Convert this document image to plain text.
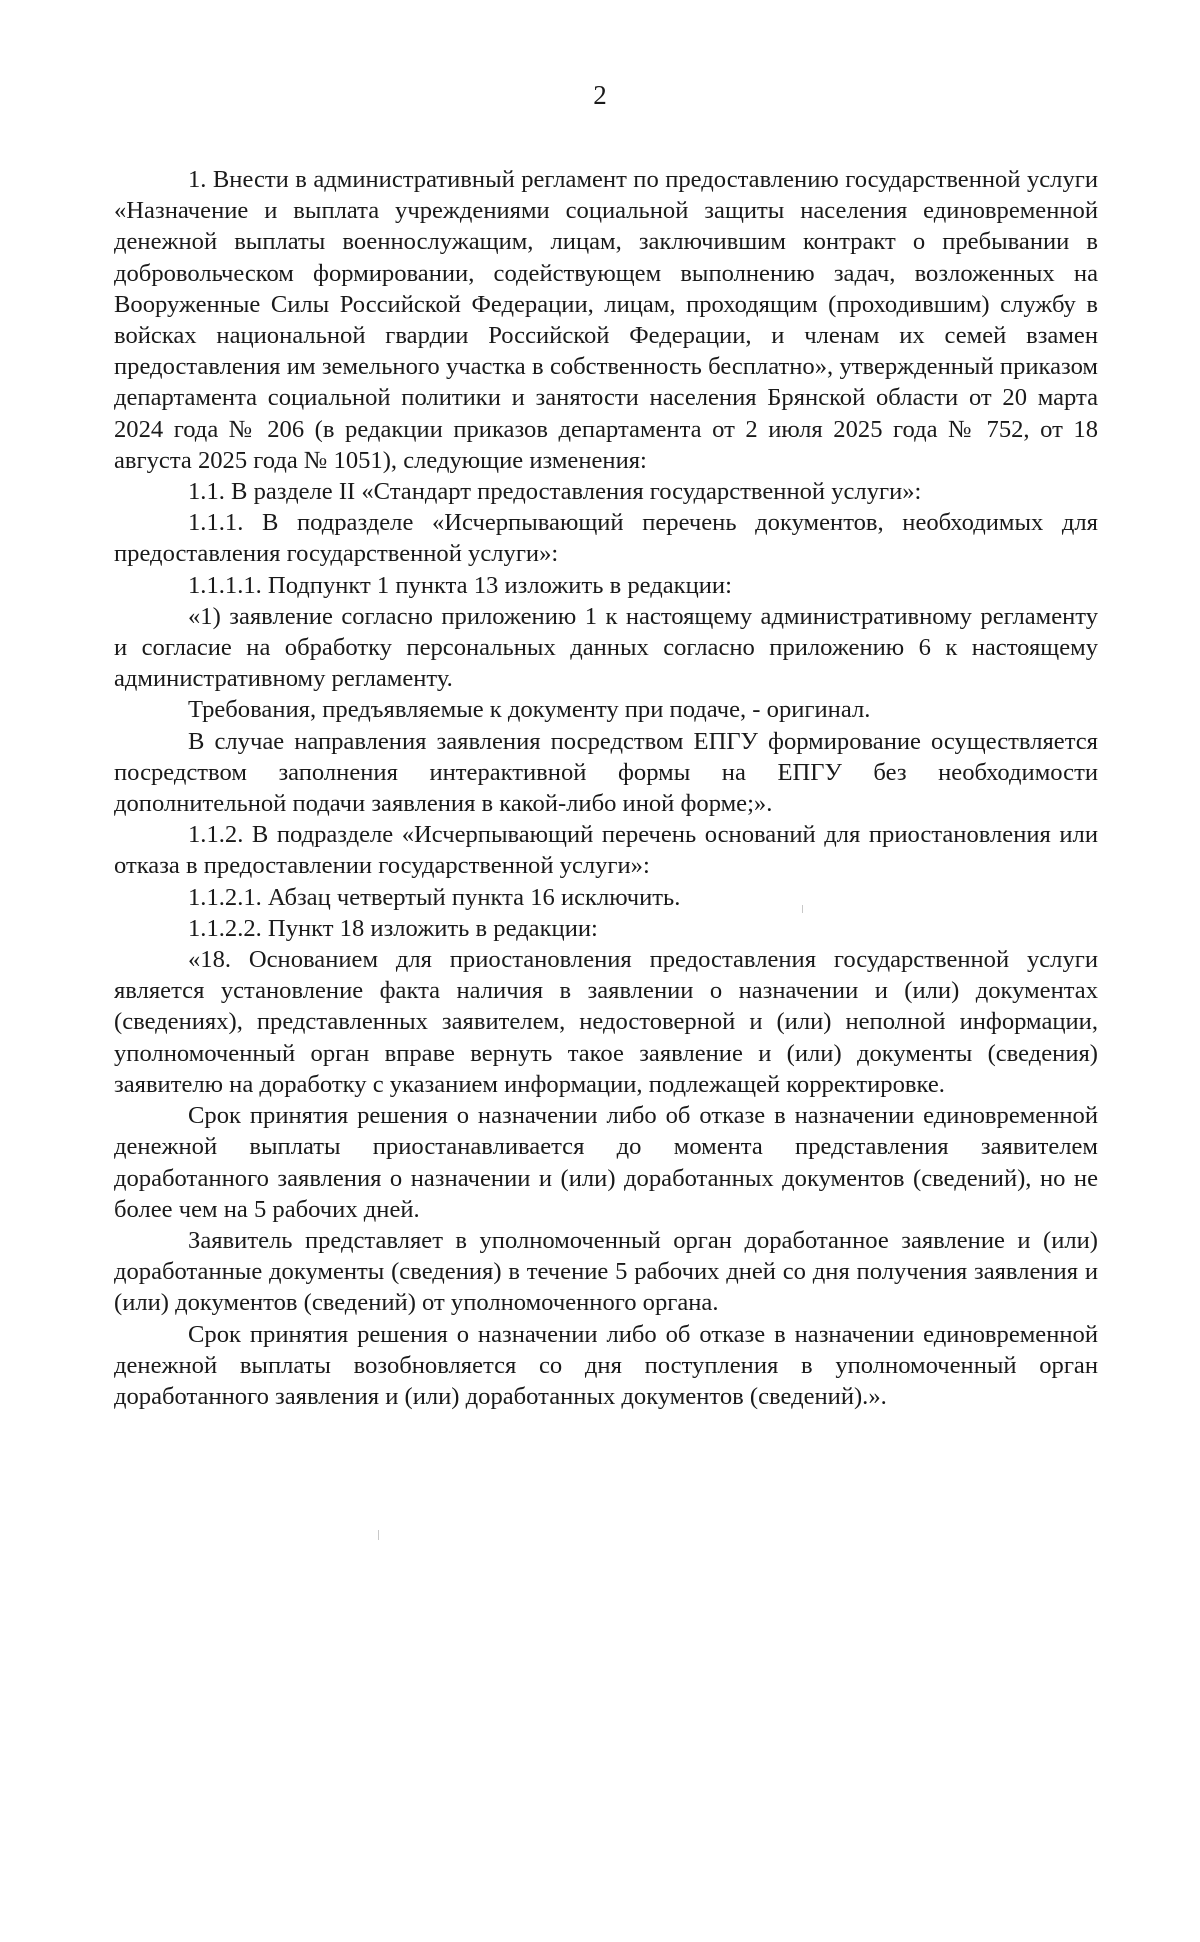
2

1. Внести в административный регламент по предоставлению государственной услуги «Назначение и выплата учреждениями социальной защиты населения единовременной денежной выплаты военнослужащим, лицам, заключившим контракт о пребывании в добровольческом формировании, содействующем выполнению задач, возложенных на Вооруженные Силы Российской Федерации, лицам, проходящим (проходившим) службу в войсках национальной гвардии Российской Федерации, и членам их семей взамен предоставления им земельного участка в собственность бесплатно», утвержденный приказом департамента социальной политики и занятости населения Брянской области от 20 марта 2024 года № 206 (в редакции приказов департамента от 2 июля 2025 года № 752, от 18 августа 2025 года № 1051), следующие изменения:

1.1. В разделе II «Стандарт предоставления государственной услуги»:

1.1.1. В подразделе «Исчерпывающий перечень документов, необходимых для предоставления государственной услуги»:

1.1.1.1. Подпункт 1 пункта 13 изложить в редакции:

«1) заявление согласно приложению 1 к настоящему административному регламенту и согласие на обработку персональных данных согласно приложению 6 к настоящему административному регламенту.

Требования, предъявляемые к документу при подаче, - оригинал.

В случае направления заявления посредством ЕПГУ формирование осуществляется посредством заполнения интерактивной формы на ЕПГУ без необходимости дополнительной подачи заявления в какой-либо иной форме;».

1.1.2. В подразделе «Исчерпывающий перечень оснований для приостановления или отказа в предоставлении государственной услуги»:

1.1.2.1. Абзац четвертый пункта 16 исключить.

1.1.2.2. Пункт 18 изложить в редакции:

«18. Основанием для приостановления предоставления государственной услуги является установление факта наличия в заявлении о назначении и (или) документах (сведениях), представленных заявителем, недостоверной и (или) неполной информации, уполномоченный орган вправе вернуть такое заявление и (или) документы (сведения) заявителю на доработку с указанием информации, подлежащей корректировке.

Срок принятия решения о назначении либо об отказе в назначении единовременной денежной выплаты приостанавливается до момента представления заявителем доработанного заявления о назначении и (или) доработанных документов (сведений), но не более чем на 5 рабочих дней.

Заявитель представляет в уполномоченный орган доработанное заявление и (или) доработанные документы (сведения) в течение 5 рабочих дней со дня получения заявления и (или) документов (сведений) от уполномоченного органа.

Срок принятия решения о назначении либо об отказе в назначении единовременной денежной выплаты возобновляется со дня поступления в уполномоченный орган доработанного заявления и (или) доработанных документов (сведений).».
